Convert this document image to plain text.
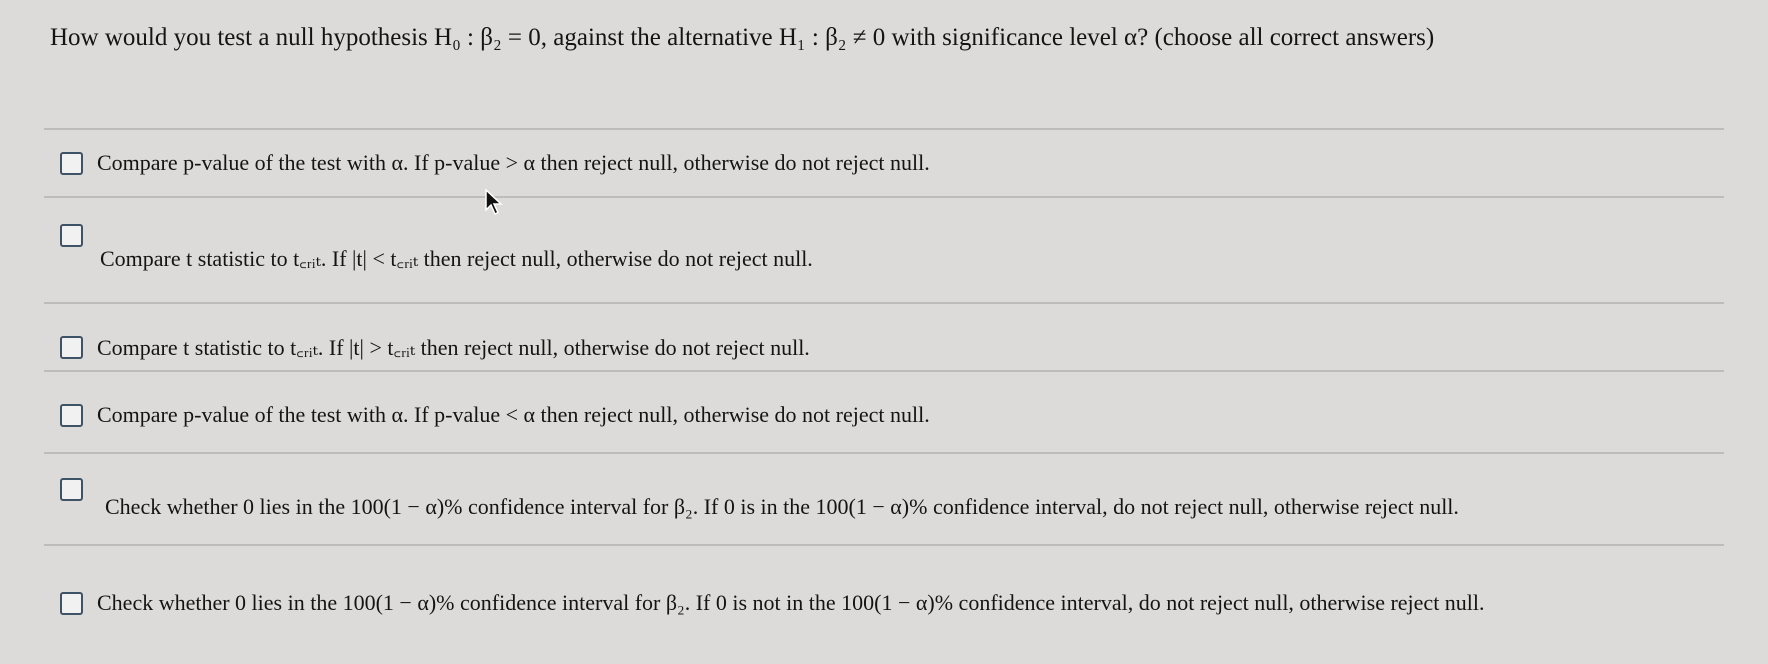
How would you test a null hypothesis H₀ : β₂ = 0, against the alternative H₁ : β₂ ≠ 0 with significance level α? (choose all correct answers)
Compare p-value of the test with α. If p-value > α then reject null, otherwise do not reject null.
Compare t statistic to t꜀ᵣᵢₜ. If |t| < t꜀ᵣᵢₜ then reject null, otherwise do not reject null.
Compare t statistic to t꜀ᵣᵢₜ. If |t| > t꜀ᵣᵢₜ then reject null, otherwise do not reject null.
Compare p-value of the test with α. If p-value < α then reject null, otherwise do not reject null.
Check whether 0 lies in the 100(1 − α)% confidence interval for β₂. If 0 is in the 100(1 − α)% confidence interval, do not reject null, otherwise reject null.
Check whether 0 lies in the 100(1 − α)% confidence interval for β₂. If 0 is not in the 100(1 − α)% confidence interval, do not reject null, otherwise reject null.
